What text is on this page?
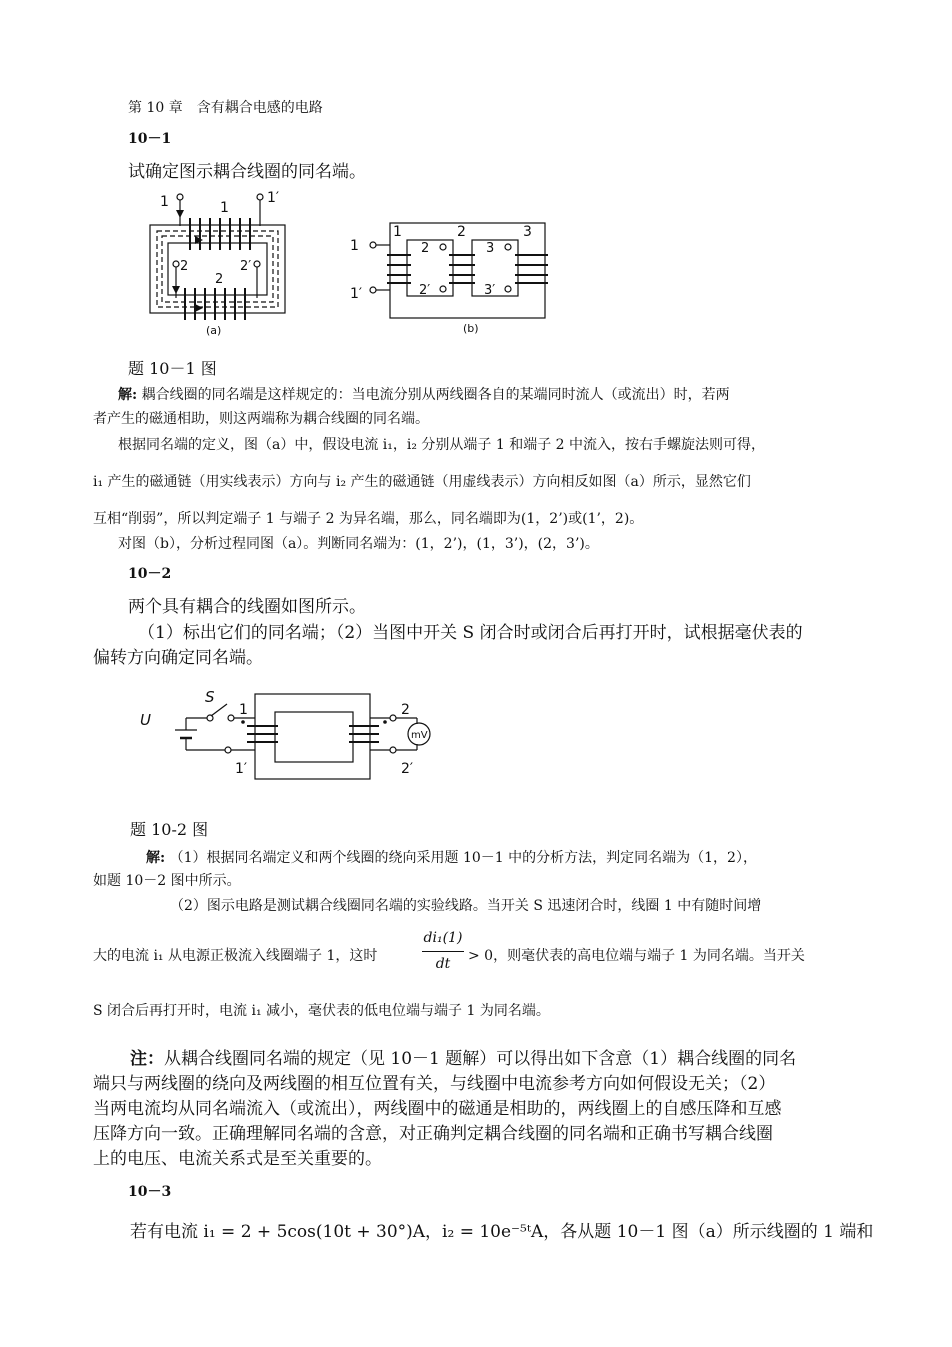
第 10 章　含有耦合电感的电路
10－1
试确定图示耦合线圈的同名端。
1	1′
1
2	2′
2
(a)
1
1′
1	2	3
2
2′
3
3′
(b)
题 10－1 图
解: 耦合线圈的同名端是这样规定的：当电流分别从两线圈各自的某端同时流人（或流出）时，若两
者产生的磁通相助，则这两端称为耦合线圈的同名端。
根据同名端的定义，图（a）中，假设电流 i₁，i₂ 分别从端子 1 和端子 2 中流入，按右手螺旋法则可得，
i₁ 产生的磁通链（用实线表示）方向与 i₂ 产生的磁通链（用虚线表示）方向相反如图（a）所示，显然它们
互相“削弱”，所以判定端子 1 与端子 2 为异名端，那么，同名端即为(1，2’)或(1’，2)。
对图（b），分析过程同图（a）。判断同名端为：(1，2’)，(1，3’)，(2，3’)。
10－2
两个具有耦合的线圈如图所示。
（1）标出它们的同名端；（2）当图中开关 S 闭合时或闭合后再打开时，试根据毫伏表的
偏转方向确定同名端。
U
S
1
1′
2
2′
mV
题 10-2 图
解: （1）根据同名端定义和两个线圈的绕向采用题 10－1 中的分析方法，判定同名端为（1，2），
如题 10－2 图中所示。
（2）图示电路是测试耦合线圈同名端的实验线路。当开关 S 迅速闭合时，线圈 1 中有随时间增
大的电流 i₁ 从电源正极流入线圈端子 1，这时
di₁(1)
dt	> 0，则毫伏表的高电位端与端子 1 为同名端。当开关
S 闭合后再打开时，电流 i₁ 减小，毫伏表的低电位端与端子 1 为同名端。
注：从耦合线圈同名端的规定（见 10－1 题解）可以得出如下含意（1）耦合线圈的同名
端只与两线圈的绕向及两线圈的相互位置有关，与线圈中电流参考方向如何假设无关；（2）
当两电流均从同名端流入（或流出），两线圈中的磁通是相助的，两线圈上的自感压降和互感
压降方向一致。正确理解同名端的含意，对正确判定耦合线圈的同名端和正确书写耦合线圈
上的电压、电流关系式是至关重要的。
10－3
若有电流 i₁ = 2 + 5cos(10t + 30°)A，i₂ = 10e⁻⁵ᵗA，各从题 10－1 图（a）所示线圈的 1 端和
